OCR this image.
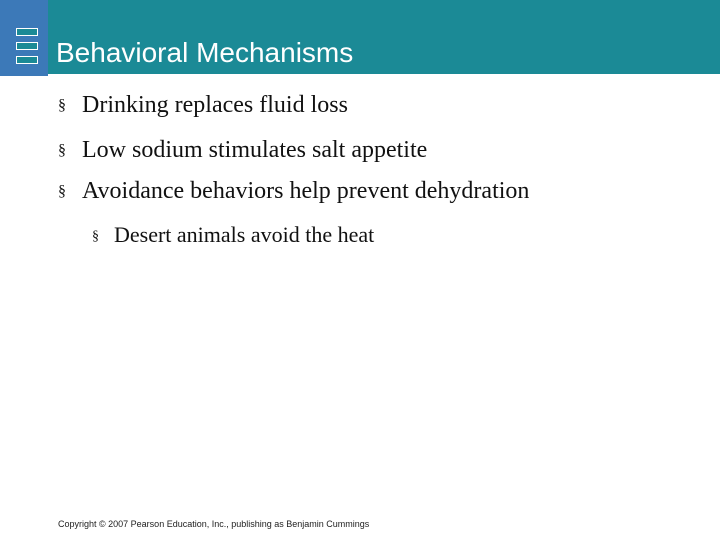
Behavioral Mechanisms
§ Drinking replaces fluid loss
§ Low sodium stimulates salt appetite
§ Avoidance behaviors help prevent dehydration
§ Desert animals avoid the heat
Copyright © 2007 Pearson Education, Inc., publishing as Benjamin Cummings
